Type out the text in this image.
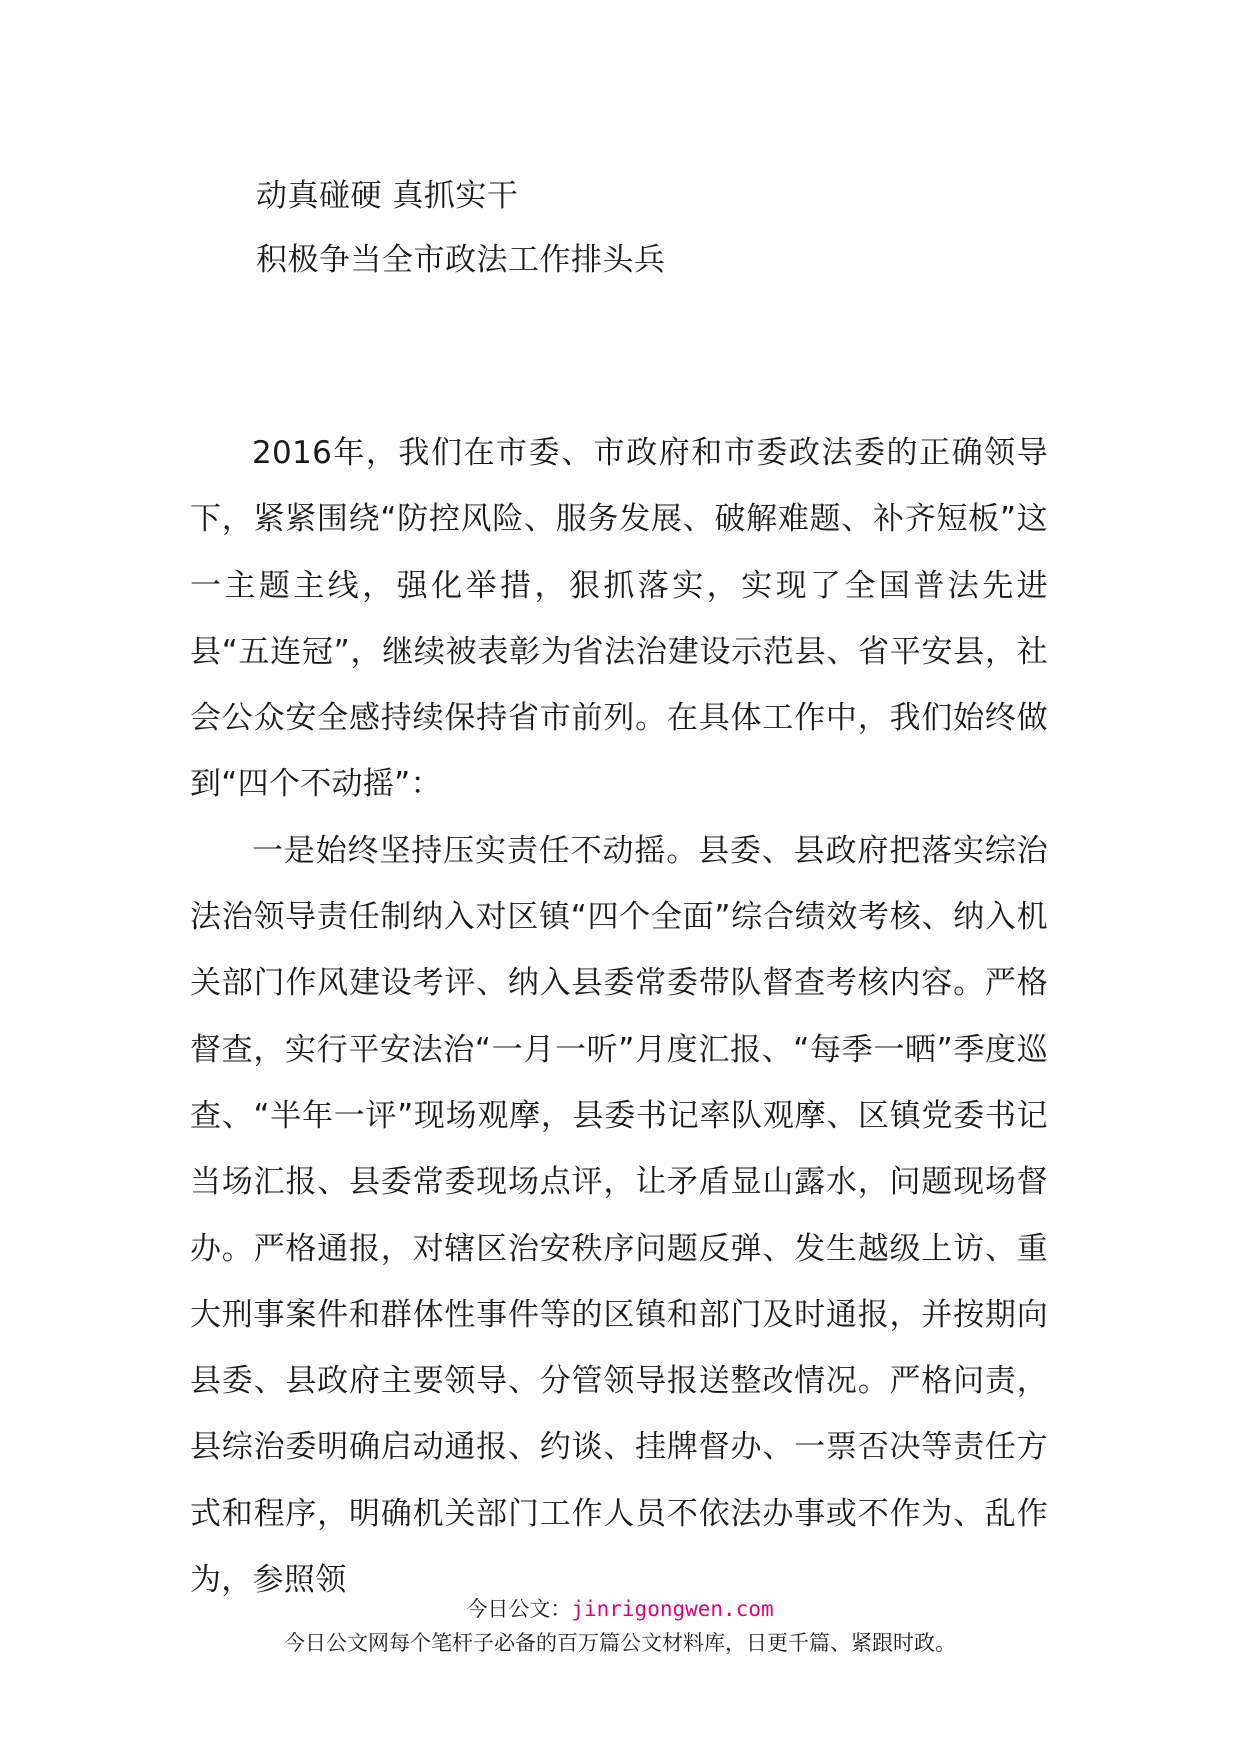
动真碰硬 真抓实干
积极争当全市政法工作排头兵

2016年，我们在市委、市政府和市委政法委的正确领导下，紧紧围绕“防控风险、服务发展、破解难题、补齐短板”这一主题主线，强化举措，狠抓落实，实现了全国普法先进县“五连冠”，继续被表彰为省法治建设示范县、省平安县，社会公众安全感持续保持省市前列。在具体工作中，我们始终做到“四个不动摇”：

一是始终坚持压实责任不动摇。县委、县政府把落实综治法治领导责任制纳入对区镇“四个全面”综合绩效考核、纳入机关部门作风建设考评、纳入县委常委带队督查考核内容。严格督查，实行平安法治“一月一听”月度汇报、“每季一晒”季度巡查、“半年一评”现场观摩，县委书记率队观摩、区镇党委书记当场汇报、县委常委现场点评，让矛盾显山露水，问题现场督办。严格通报，对辖区治安秩序问题反弹、发生越级上访、重大刑事案件和群体性事件等的区镇和部门及时通报，并按期向县委、县政府主要领导、分管领导报送整改情况。严格问责，县综治委明确启动通报、约谈、挂牌督办、一票否决等责任方式和程序，明确机关部门工作人员不依法办事或不作为、乱作为，参照领

今日公文：jinrigongwen.com
今日公文网每个笔杆子必备的百万篇公文材料库，日更千篇、紧跟时政。
